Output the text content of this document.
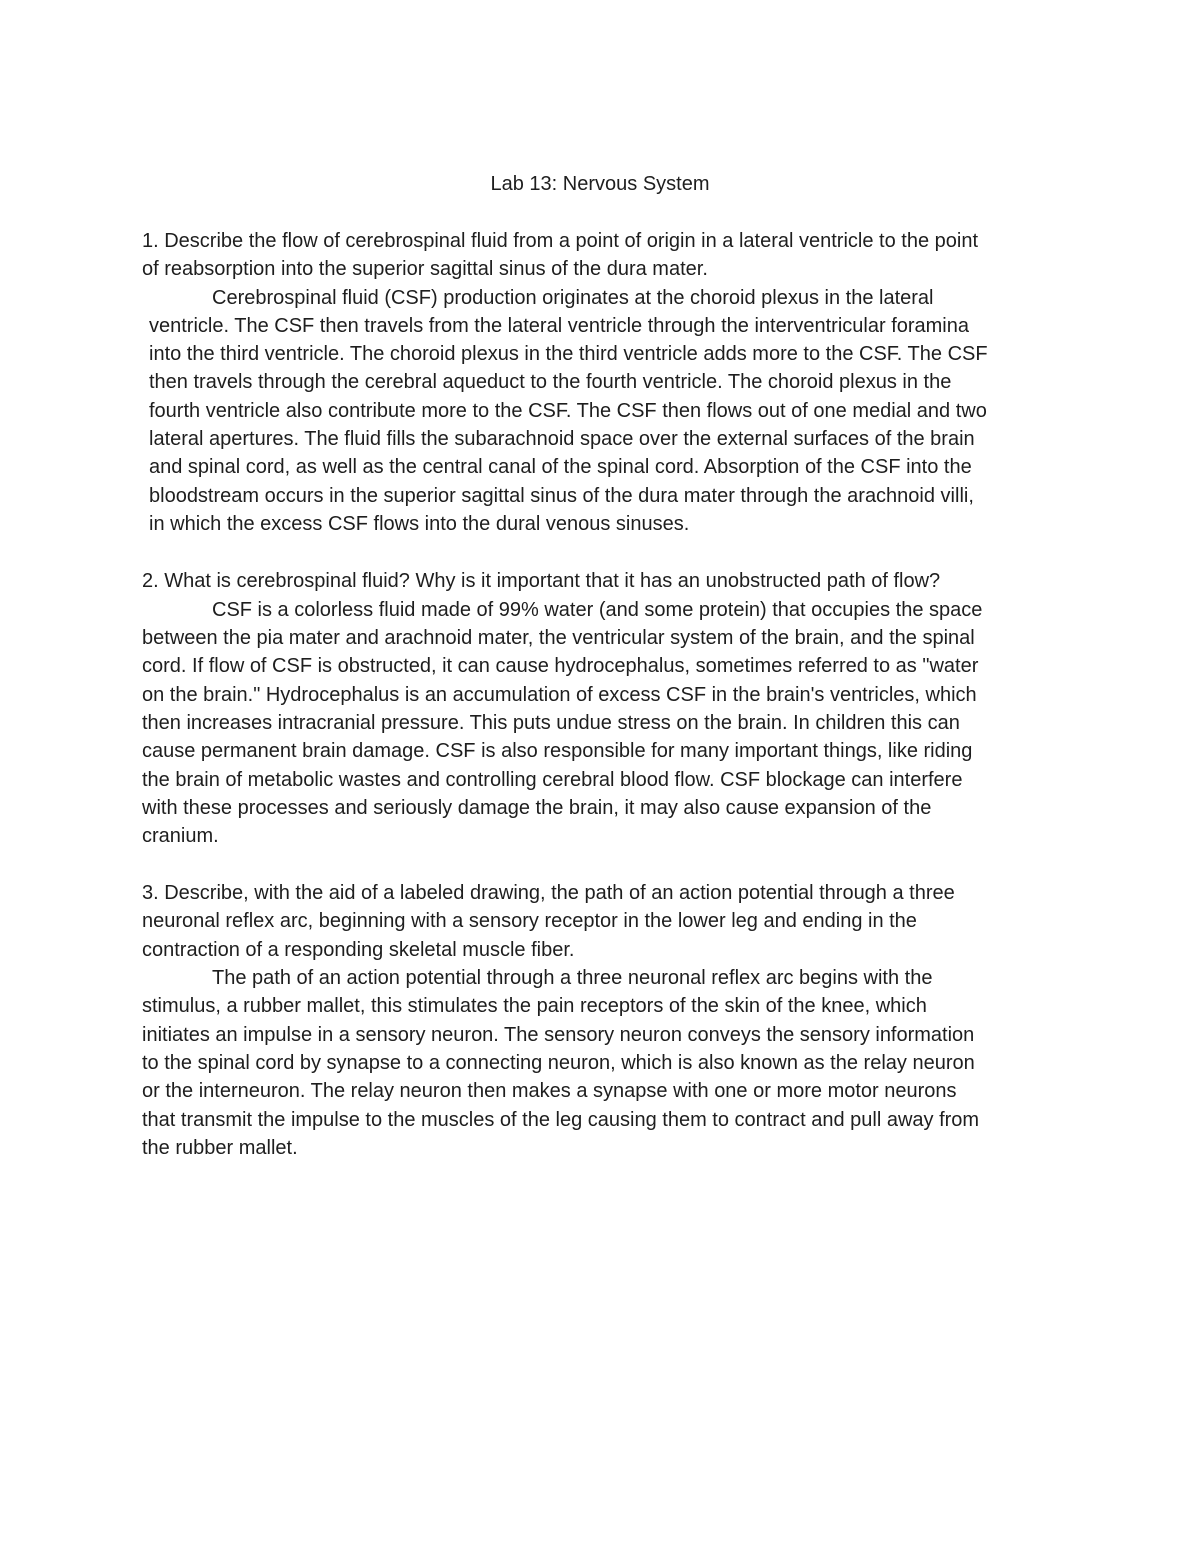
Lab 13: Nervous System

1. Describe the flow of cerebrospinal fluid from a point of origin in a lateral ventricle to the point

of reabsorption into the superior sagittal sinus of the dura mater.

Cerebrospinal fluid (CSF) production originates at the choroid plexus in the lateral

ventricle. The CSF then travels from the lateral ventricle through the interventricular foramina

into the third ventricle. The choroid plexus in the third ventricle adds more to the CSF. The CSF

then travels through the cerebral aqueduct to the fourth ventricle. The choroid plexus in the

fourth ventricle also contribute more to the CSF. The CSF then flows out of one medial and two

lateral apertures. The fluid fills the subarachnoid space over the external surfaces of the brain

and spinal cord, as well as the central canal of the spinal cord. Absorption of the CSF into the

bloodstream occurs in the superior sagittal sinus of the dura mater through the arachnoid villi,

in which the excess CSF flows into the dural venous sinuses.

2. What is cerebrospinal fluid? Why is it important that it has an unobstructed path of flow?

CSF is a colorless fluid made of 99% water (and some protein) that occupies the space

between the pia mater and arachnoid mater, the ventricular system of the brain, and the spinal

cord. If flow of CSF is obstructed, it can cause hydrocephalus, sometimes referred to as "water

on the brain." Hydrocephalus is an accumulation of excess CSF in the brain's ventricles, which

then increases intracranial pressure. This puts undue stress on the brain. In children this can

cause permanent brain damage. CSF is also responsible for many important things, like riding

the brain of metabolic wastes and controlling cerebral blood flow. CSF blockage can interfere

with these processes and seriously damage the brain, it may also cause expansion of the

cranium.

3. Describe, with the aid of a labeled drawing, the path of an action potential through a three

neuronal reflex arc, beginning with a sensory receptor in the lower leg and ending in the

contraction of a responding skeletal muscle fiber.

The path of an action potential through a three neuronal reflex arc begins with the

stimulus, a rubber mallet, this stimulates the pain receptors of the skin of the knee, which

initiates an impulse in a sensory neuron. The sensory neuron conveys the sensory information

to the spinal cord by synapse to a connecting neuron, which is also known as the relay neuron

or the interneuron. The relay neuron then makes a synapse with one or more motor neurons

that transmit the impulse to the muscles of the leg causing them to contract and pull away from

the rubber mallet.
